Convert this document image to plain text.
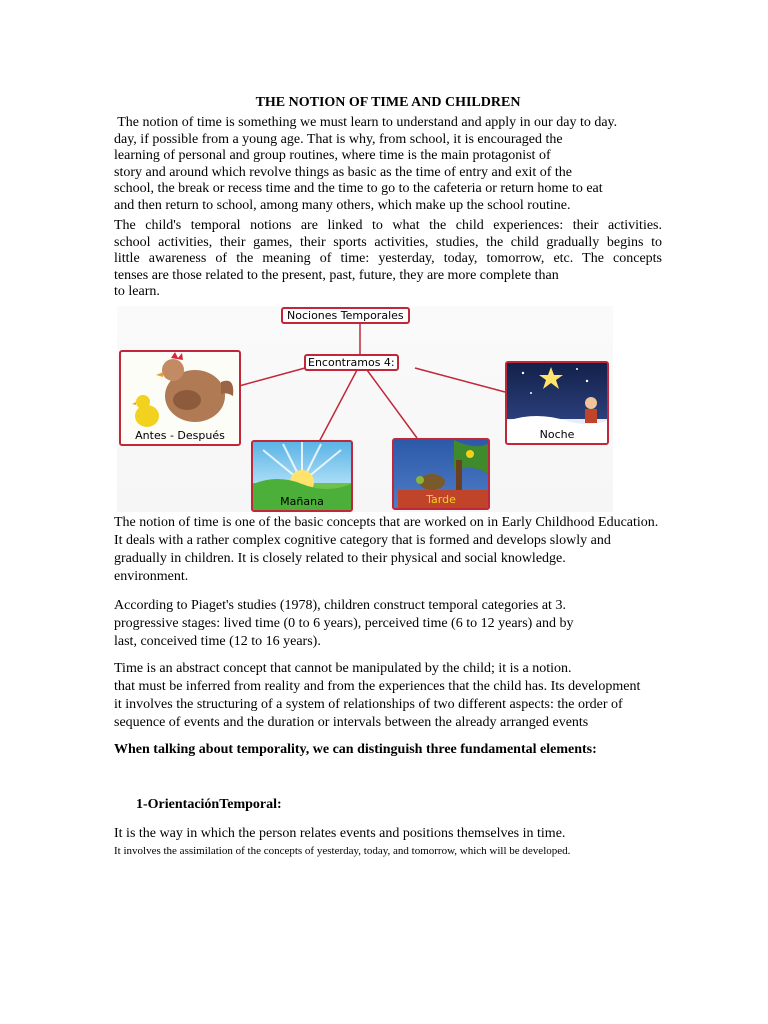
THE NOTION OF TIME AND CHILDREN
The notion of time is something we must learn to understand and apply in our day to day.
day, if possible from a young age. That is why, from school, it is encouraged the
learning of personal and group routines, where time is the main protagonist of
story and around which revolve things as basic as the time of entry and exit of the
school, the break or recess time and the time to go to the cafeteria or return home to eat
and then return to school, among many others, which make up the school routine.
The child's temporal notions are linked to what the child experiences: their activities.
school activities, their games, their sports activities, studies, the child gradually begins to
little awareness of the meaning of time: yesterday, today, tomorrow, etc. The concepts
tenses are those related to the present, past, future, they are more complete than
to learn.
Nociones Temporales
Encontramos 4:
Antes - Después
Mañana	Tarde
Noche
The notion of time is one of the basic concepts that are worked on in Early Childhood Education.
It deals with a rather complex cognitive category that is formed and develops slowly and
gradually in children. It is closely related to their physical and social knowledge.
environment.
According to Piaget's studies (1978), children construct temporal categories at 3.
progressive stages: lived time (0 to 6 years), perceived time (6 to 12 years) and by
last, conceived time (12 to 16 years).
Time is an abstract concept that cannot be manipulated by the child; it is a notion.
that must be inferred from reality and from the experiences that the child has. Its development
it involves the structuring of a system of relationships of two different aspects: the order of
sequence of events and the duration or intervals between the already arranged events
When talking about temporality, we can distinguish three fundamental elements:
1-OrientaciónTemporal:
It is the way in which the person relates events and positions themselves in time.
It involves the assimilation of the concepts of yesterday, today, and tomorrow, which will be developed.
